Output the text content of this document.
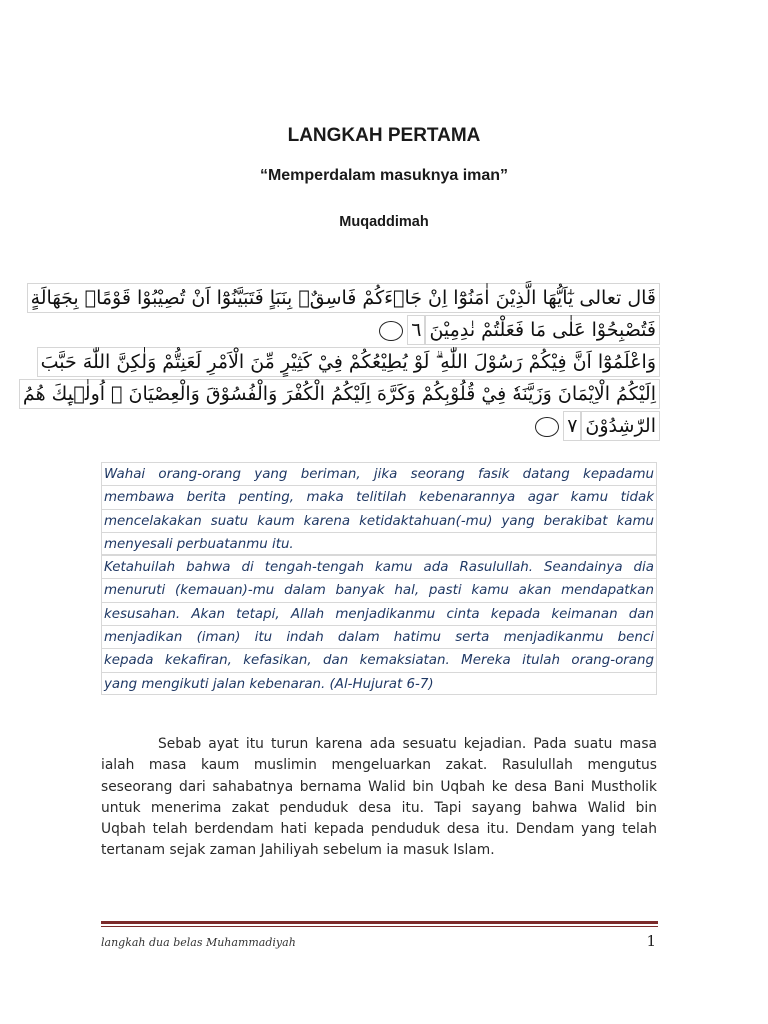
LANGKAH PERTAMA
“Memperdalam masuknya iman”
Muqaddimah
قَال تعالى يٰٓاَيُّهَا الَّذِيْنَ اٰمَنُوْٓا اِنْ جَاۤءَكُمْ فَاسِقٌۢ بِنَبَاٍ فَتَبَيَّنُوْٓا اَنْ تُصِيْبُوْا قَوْمًاۢ بِجَهَالَةٍ
فَتُصْبِحُوْا عَلٰى مَا فَعَلْتُمْ نٰدِمِيْنَ٦
وَاعْلَمُوْٓا اَنَّ فِيْكُمْ رَسُوْلَ اللّٰهِ ۗ لَوْ يُطِيْعُكُمْ فِيْ كَثِيْرٍ مِّنَ الْاَمْرِ لَعَنِتُّمْ وَلٰكِنَّ اللّٰهَ حَبَّبَ
اِلَيْكُمُ الْاِيْمَانَ وَزَيَّنَهٗ فِيْ قُلُوْبِكُمْ وَكَرَّهَ اِلَيْكُمُ الْكُفْرَ وَالْفُسُوْقَ وَالْعِصْيَانَ ۗ اُولٰۤىِٕكَ هُمُ
الرّٰشِدُوْنَ٧
Wahai orang-orang yang beriman, jika seorang fasik datang kepadamu
membawa berita penting, maka telitilah kebenarannya agar kamu tidak
mencelakakan suatu kaum karena ketidaktahuan(-mu) yang berakibat kamu
menyesali perbuatanmu itu.
Ketahuilah bahwa di tengah-tengah kamu ada Rasulullah. Seandainya dia
menuruti (kemauan)-mu dalam banyak hal, pasti kamu akan mendapatkan
kesusahan. Akan tetapi, Allah menjadikanmu cinta kepada keimanan dan
menjadikan (iman) itu indah dalam hatimu serta menjadikanmu benci
kepada kekafiran, kefasikan, dan kemaksiatan. Mereka itulah orang-orang
yang mengikuti jalan kebenaran. (Al-Hujurat 6-7)
Sebab ayat itu turun karena ada sesuatu kejadian. Pada suatu masa
ialah masa kaum muslimin mengeluarkan zakat. Rasulullah mengutus
seseorang dari sahabatnya bernama Walid bin Uqbah ke desa Bani Mustholik
untuk menerima zakat penduduk desa itu. Tapi sayang bahwa Walid bin
Uqbah telah berdendam hati kepada penduduk desa itu. Dendam yang telah
tertanam sejak zaman Jahiliyah sebelum ia masuk Islam.
langkah dua belas Muhammadiyah	1
